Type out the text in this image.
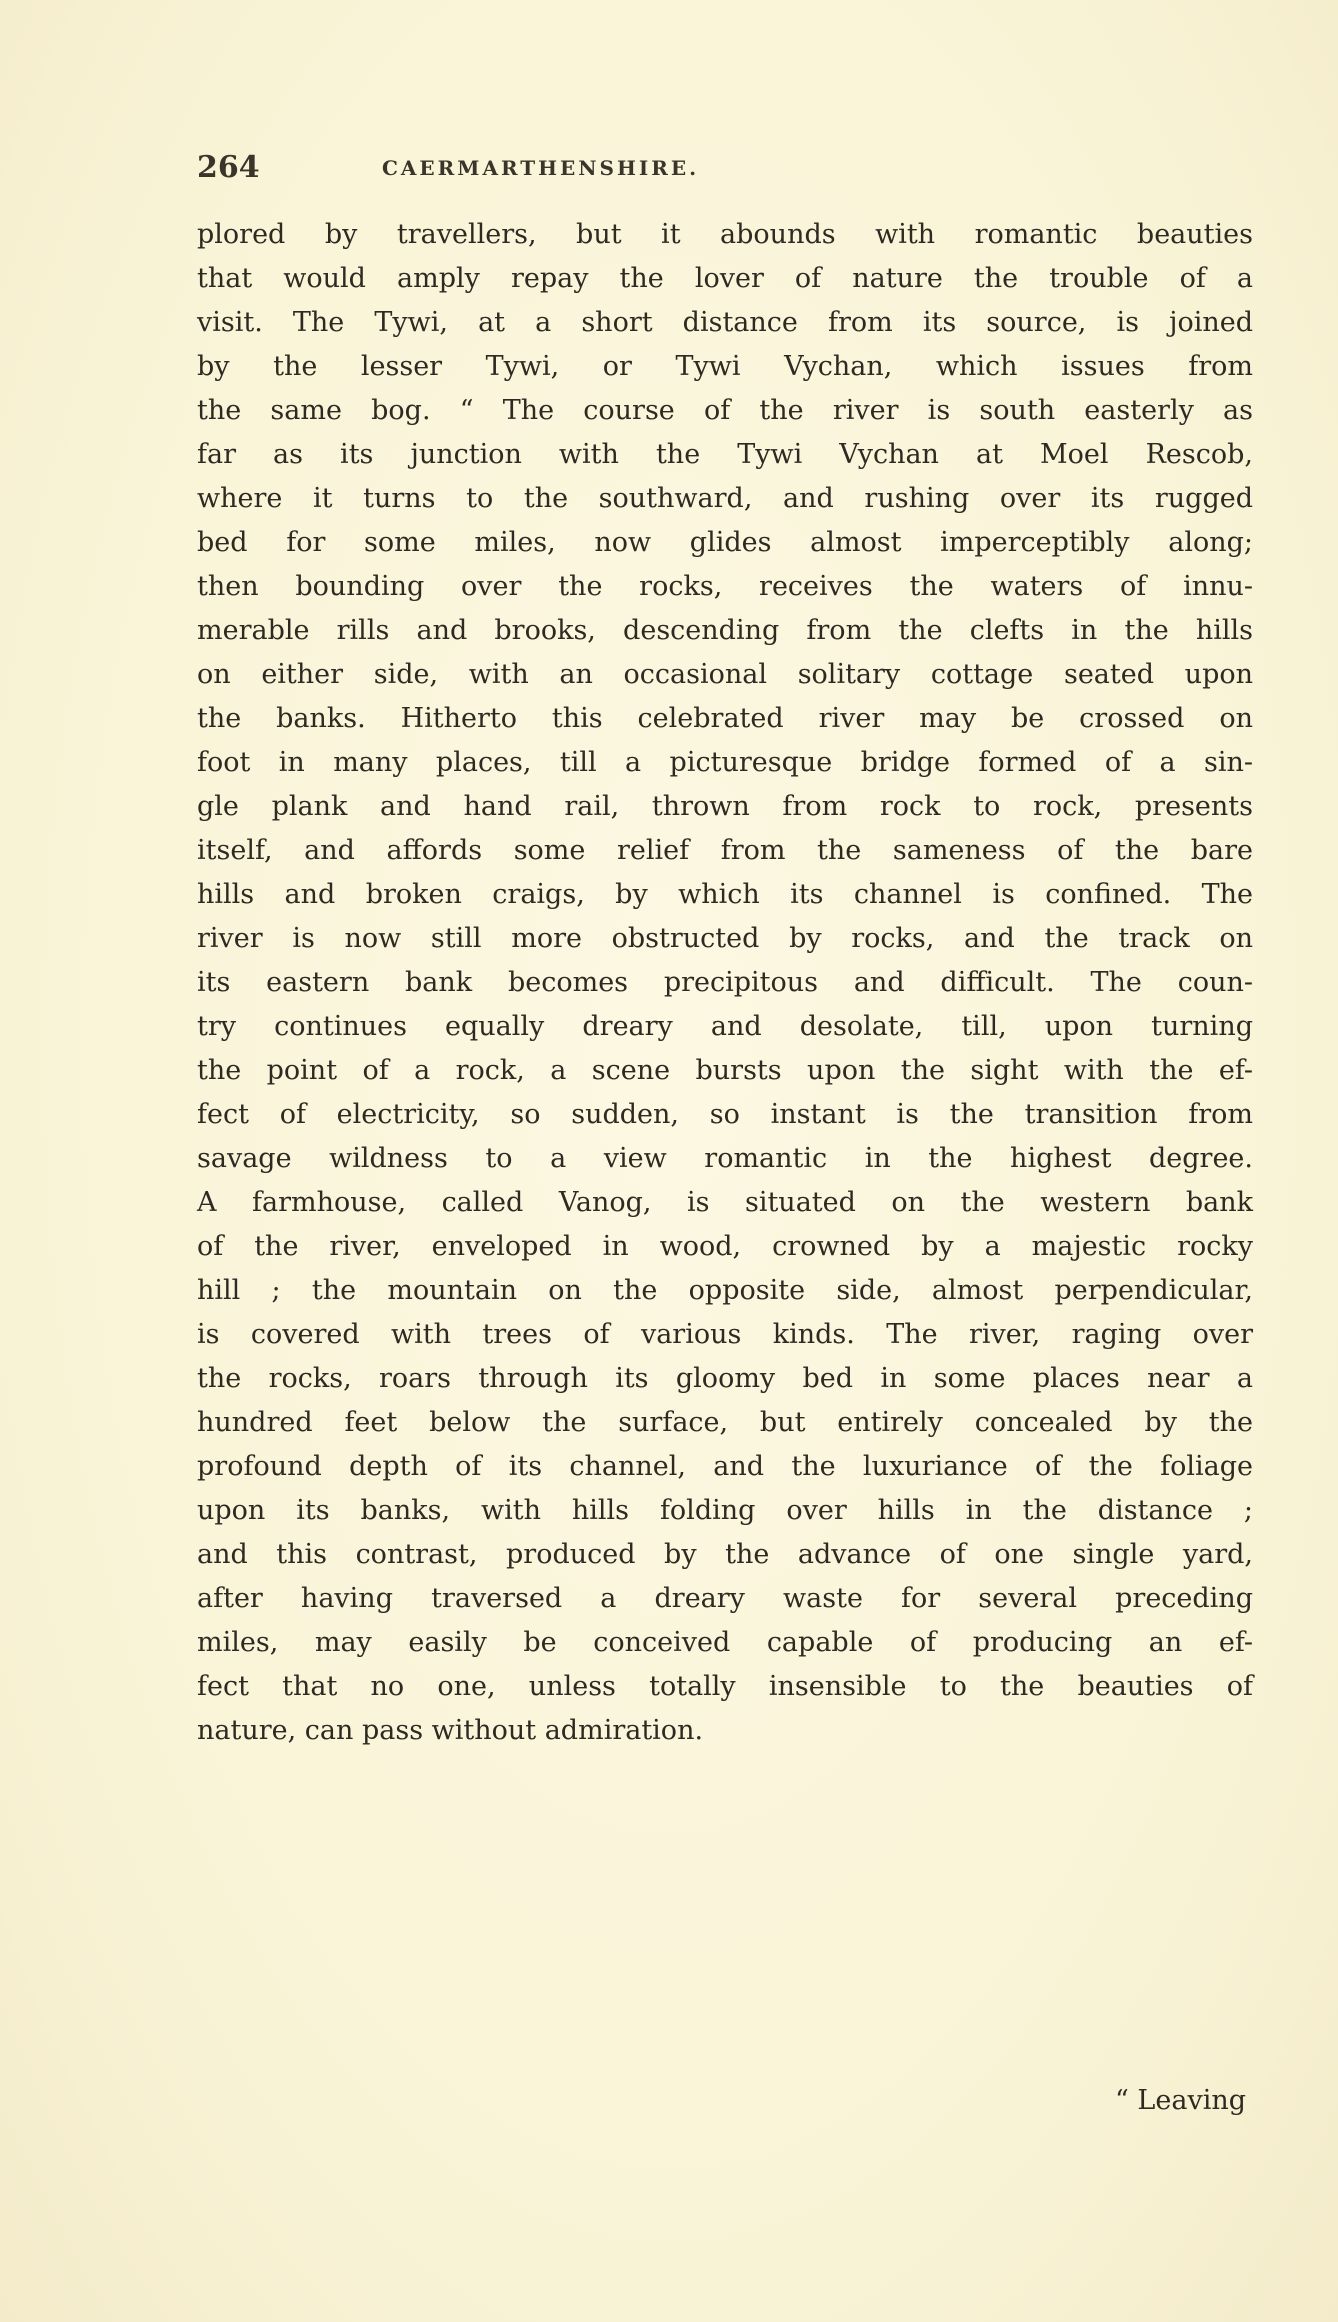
264	CAERMARTHENSHIRE.
plored by travellers, but it abounds with romantic beauties
that would amply repay the lover of nature the trouble of a
visit. The Tywi, at a short distance from its source, is joined
by the lesser Tywi, or Tywi Vychan, which issues from
the same bog. “ The course of the river is south easterly as
far as its junction with the Tywi Vychan at Moel Rescob,
where it turns to the southward, and rushing over its rugged
bed for some miles, now glides almost imperceptibly along;
then bounding over the rocks, receives the waters of innu-
merable rills and brooks, descending from the clefts in the hills
on either side, with an occasional solitary cottage seated upon
the banks. Hitherto this celebrated river may be crossed on
foot in many places, till a picturesque bridge formed of a sin-
gle plank and hand rail, thrown from rock to rock, presents
itself, and affords some relief from the sameness of the bare
hills and broken craigs, by which its channel is confined. The
river is now still more obstructed by rocks, and the track on
its eastern bank becomes precipitous and difficult. The coun-
try continues equally dreary and desolate, till, upon turning
the point of a rock, a scene bursts upon the sight with the ef-
fect of electricity, so sudden, so instant is the transition from
savage wildness to a view romantic in the highest degree.
A farmhouse, called Vanog, is situated on the western bank
of the river, enveloped in wood, crowned by a majestic rocky
hill ; the mountain on the opposite side, almost perpendicular,
is covered with trees of various kinds. The river, raging over
the rocks, roars through its gloomy bed in some places near a
hundred feet below the surface, but entirely concealed by the
profound depth of its channel, and the luxuriance of the foliage
upon its banks, with hills folding over hills in the distance ;
and this contrast, produced by the advance of one single yard,
after having traversed a dreary waste for several preceding
miles, may easily be conceived capable of producing an ef-
fect that no one, unless totally insensible to the beauties of
nature, can pass without admiration.
“ Leaving
